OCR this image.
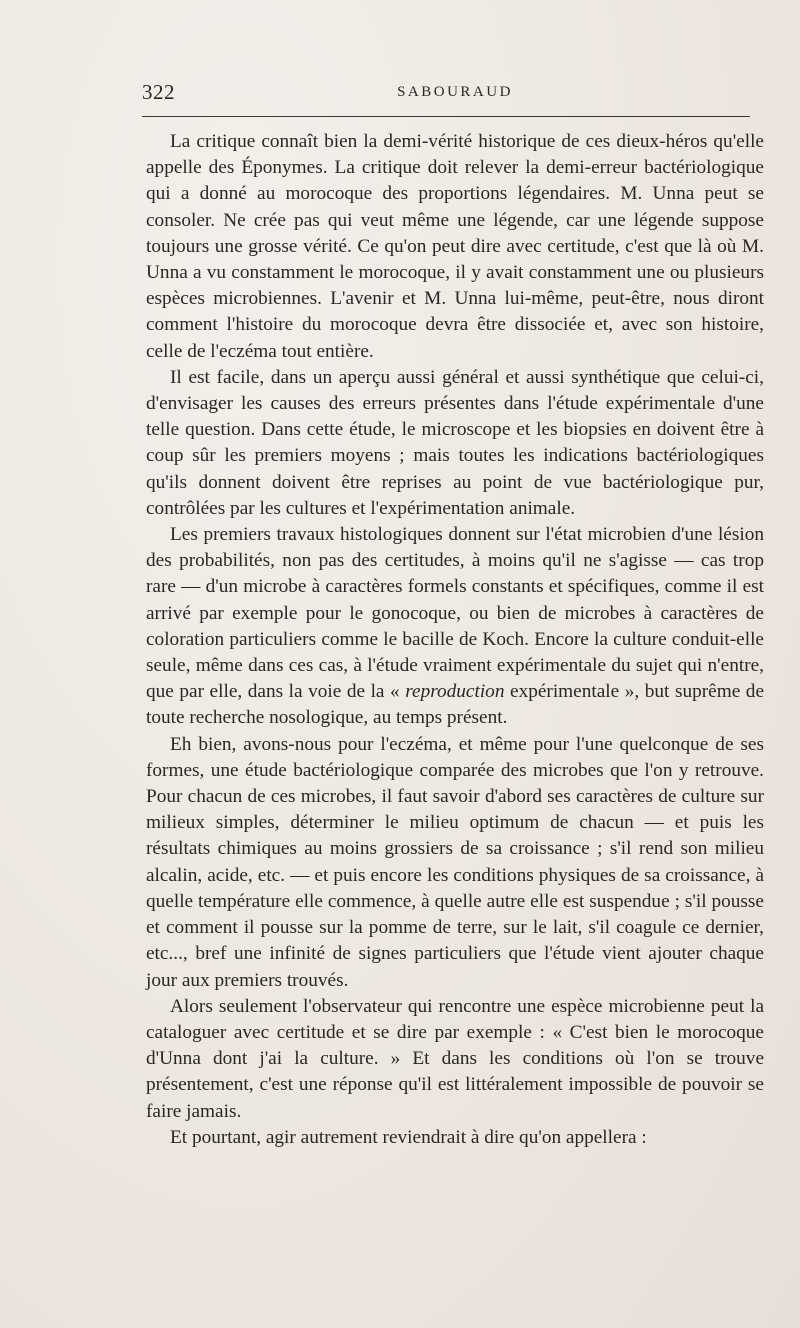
322	SABOURAUD

La critique connaît bien la demi-vérité historique de ces dieux-héros qu'elle appelle des Éponymes. La critique doit relever la demi-erreur bactériologique qui a donné au morocoque des proportions légendaires. M. Unna peut se consoler. Ne crée pas qui veut même une légende, car une légende suppose toujours une grosse vérité. Ce qu'on peut dire avec certitude, c'est que là où M. Unna a vu constamment le morocoque, il y avait constamment une ou plusieurs espèces microbiennes. L'avenir et M. Unna lui-même, peut-être, nous diront comment l'histoire du morocoque devra être dissociée et, avec son histoire, celle de l'eczéma tout entière.

Il est facile, dans un aperçu aussi général et aussi synthétique que celui-ci, d'envisager les causes des erreurs présentes dans l'étude expérimentale d'une telle question. Dans cette étude, le microscope et les biopsies en doivent être à coup sûr les premiers moyens ; mais toutes les indications bactériologiques qu'ils donnent doivent être reprises au point de vue bactériologique pur, contrôlées par les cultures et l'expérimentation animale.

Les premiers travaux histologiques donnent sur l'état microbien d'une lésion des probabilités, non pas des certitudes, à moins qu'il ne s'agisse — cas trop rare — d'un microbe à caractères formels constants et spécifiques, comme il est arrivé par exemple pour le gonocoque, ou bien de microbes à caractères de coloration particuliers comme le bacille de Koch. Encore la culture conduit-elle seule, même dans ces cas, à l'étude vraiment expérimentale du sujet qui n'entre, que par elle, dans la voie de la « reproduction expérimentale », but suprême de toute recherche nosologique, au temps présent.

Eh bien, avons-nous pour l'eczéma, et même pour l'une quelconque de ses formes, une étude bactériologique comparée des microbes que l'on y retrouve. Pour chacun de ces microbes, il faut savoir d'abord ses caractères de culture sur milieux simples, déterminer le milieu optimum de chacun — et puis les résultats chimiques au moins grossiers de sa croissance ; s'il rend son milieu alcalin, acide, etc. — et puis encore les conditions physiques de sa croissance, à quelle température elle commence, à quelle autre elle est suspendue ; s'il pousse et comment il pousse sur la pomme de terre, sur le lait, s'il coagule ce dernier, etc..., bref une infinité de signes particuliers que l'étude vient ajouter chaque jour aux premiers trouvés.

Alors seulement l'observateur qui rencontre une espèce microbienne peut la cataloguer avec certitude et se dire par exemple : « C'est bien le morocoque d'Unna dont j'ai la culture. » Et dans les conditions où l'on se trouve présentement, c'est une réponse qu'il est littéralement impossible de pouvoir se faire jamais.

Et pourtant, agir autrement reviendrait à dire qu'on appellera :
